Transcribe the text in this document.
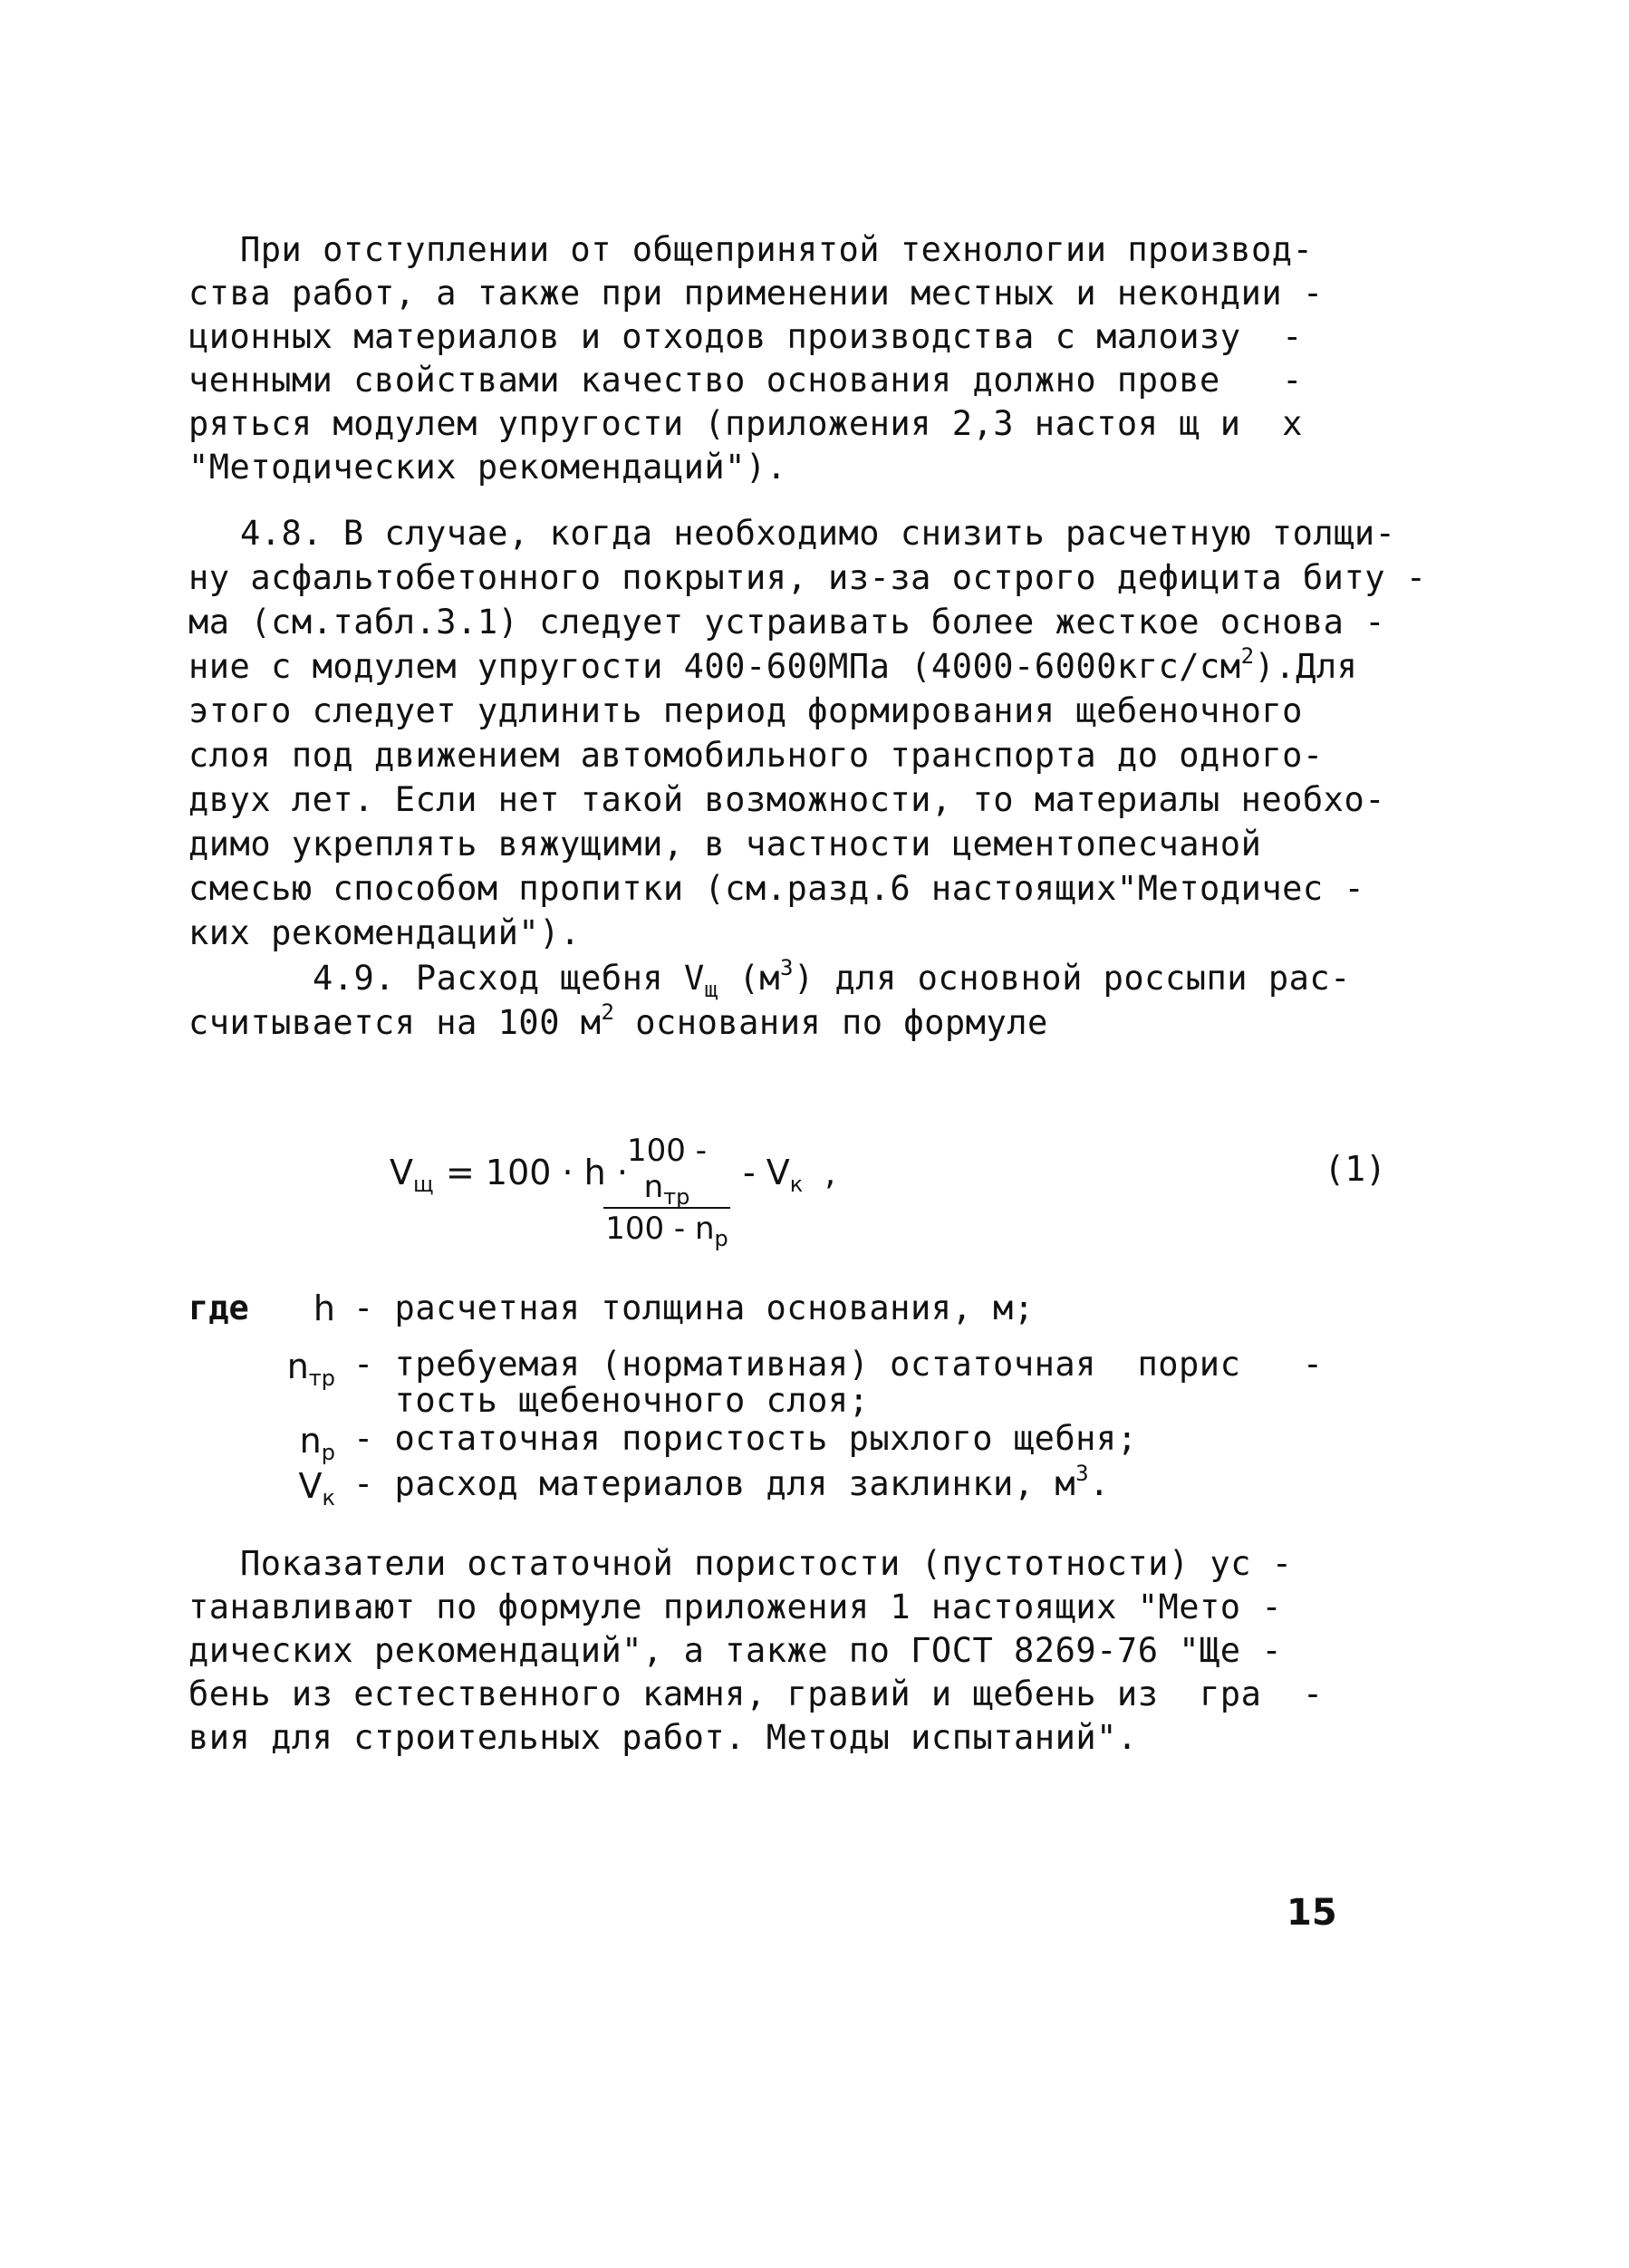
При отступлении от общепринятой технологии производ-
ства работ, а также при применении местных и некондии -
ционных материалов и отходов производства с малоизу  -
ченными свойствами качество основания должно прове   -
ряться модулем упругости (приложения 2,3 настоя щ и  х
"Методических рекомендаций").
4.8. В случае, когда необходимо снизить расчетную толщи-
ну асфальтобетонного покрытия, из-за острого дефицита биту -
ма (см.табл.3.1) следует устраивать более жесткое основа -
ние с модулем упругости 400-600МПа $(4000-6000кгс/см^2).Для$
этого следует удлинить период формирования щебеночного
слоя под движением автомобильного транспорта до одного-
двух лет. Если нет такой возможности, то материалы необхо-
димо укреплять вяжущими, в частности цементопесчаной
смесью способом пропитки (см.разд.6 настоящих"Методичес -
ких рекомендаций").
4.9. Расход щебня $V_щ$ $(м^3)$ для основной россыпи рас-
считывается на 100 $м^2$ основания по формуле
$V_щ = 100 \cdot h$ ·
$100 - n_{тр}$
$100 - n_р$
- $V_к$ ,	(1)
где	h - расчетная толщина основания, м;
$n_{тр}$ - требуемая (нормативная) остаточная  порис   -
тость щебеночного слоя;
$n_р$ - остаточная пористость рыхлого щебня;
$V_к$ - расход материалов для заклинки, $м^3$.
Показатели остаточной пористости (пустотности) ус -
танавливают по формуле приложения 1 настоящих "Мето -
дических рекомендаций", а также по ГОСТ 8269-76 "Ще -
бень из естественного камня, гравий и щебень из  гра  -
вия для строительных работ. Методы испытаний".
15
